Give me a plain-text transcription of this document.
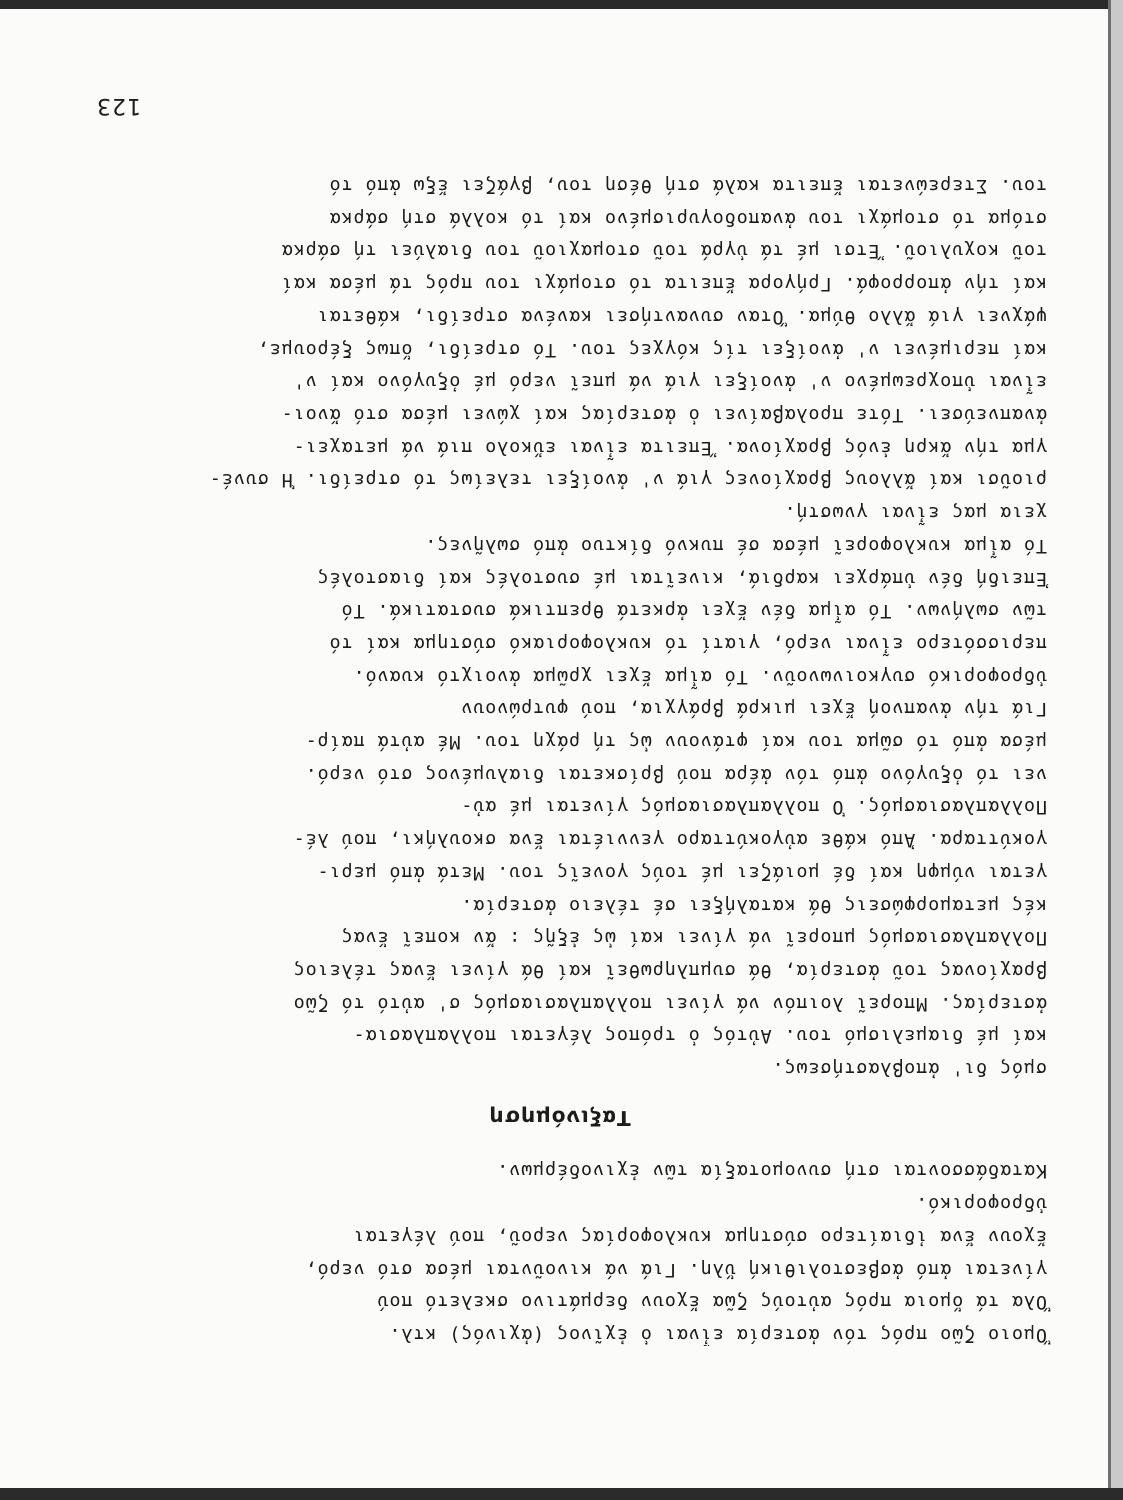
123

Ὅμοιο ζῶο πρός τόν ἀστερία εἶναι ὁ ἐχῖνος (ἀχινός) κτλ.

Ὅλα τά ὅμοια πρός αὐτούς ζῶα ἔχουν δερμάτινο σκελετό πού

γίνεται ἀπό ἀσβεστολιθική ὕλη. Γιά νά κινοῦνται μέσα στό νερό,

ἔχουν ἕνα ἰδιαίτερο σύστημα κυκλοφορίας νεροῦ, πού λέγεται

ὑδροφορικό.

Καταδάσσονται στή συνομοταξία τῶν ἐχινοδέρμων.

Ταξινόμηση

σμός δι' ἀποβλαστήσεως.

καί μέ διαμελισμό του. Αὐτός ὁ τρόπος λέγεται πολλαπλασια-

ἀστερίας. Μπορεῖ λοιπόν νά γίνει πολλαπλασιασμός σ' αὐτό τό ζῶο

βραχίονας τοῦ ἀστερία, θά συμπληρωθεῖ καί θά γίνει ἕνας τέλειος

Πολλαπλασιασμός μπορεῖ νά γίνει καί ὡς ἑξῆς : ἄν κοπεῖ ἕνας

κές μεταμορφώσεις θά καταλήξει σέ τέλειο ἀστερία.

γεται νύμφη καί δέ μοιάζει μέ τούς γονεῖς του. Μετά ἀπό μερι-

γοκύτταρα. Ἀπό κάθε αὐγοκύτταρο γεννιέται ἕνα σκουλήκι, πού λέ-

Πολλαπλασιασμός. Ὁ πολλαπλασιασμός γίνεται μέ αὐ-

νει τό ὀξυγόνο ἀπό τόν ἀέρα πού βρίσκεται διαλυμένος στό νερό.

μέσα ἀπό τό σῶμα του καί φτάνουν ὡς τή ράχη του. Μέ αὐτά παίρ-

Γιά τήν ἀναπνοή ἔχει μικρά βράγχια, πού φυτρώνουν

ὑδροφορικό συγκοινωνοῦν. Τό αἷμα ἔχει χρῶμα ἀνοιχτό κυανό.

περισσότερο εἶναι νερό, γιατί τό κυκλοφοριακό σύστημα καί τό

τῶν σωλήνων. Τό αἷμα δέν ἔχει ἀρκετά θρεπτικά συστατικά. Τό

Ἐπειδή δέν ὑπάρχει καρδιά, κινεῖται μέ συστολές καί διαστολές

Τό αἷμα κυκλοφορεῖ μέσα σέ πυκνό δίκτυο ἀπό σωλῆνες.

χεια μας εἶναι γνωστή.

ριοῦσι καί ἄλλους βραχίονες γιά ν' ἀνοίξει τελείως τό στρείδι. Ἡ συνέ-

γμα τήν ἄκρη ἑνός βραχίονα. Ἔπειτα εἶναι εὔκολο πιά νά μεταχει-

ἀναπνεύσει. Τότε προλαβαίνει ὁ ἀστερίας καί χώνει μέσα στό ἄνοι-

εἶναι ὑποχρεωμένο ν' ἀνοίξει γιά νά μπεῖ νερό μέ ὀξυγόνο καί ν'

καί περιμένει ν' ἀνοίξει τίς κόγχες του. Τό στρείδι, ὅπως ξέρουμε,

ψάχνει γιά ἄλλο θύμα. Ὅταν συναντήσει κανένα στρείδι, κάθεται

καί τήν ἀπορροφά. Γρήγορα ἔπειτα τό στομάχι του πρός τά μέσα καί

τοῦ κοχυλιοῦ. Ἔτσι μέ τά ὑγρά τοῦ στομαχιοῦ του διαλύει τή σάρκα

στόμα τό στομάχι του ἀναποδογυρισμένο καί τό κολλά στή σάρκα

του. Στερεώνεται ἔπειτα καλά στή θέση του, βγάζει ἔξω ἀπό τό
